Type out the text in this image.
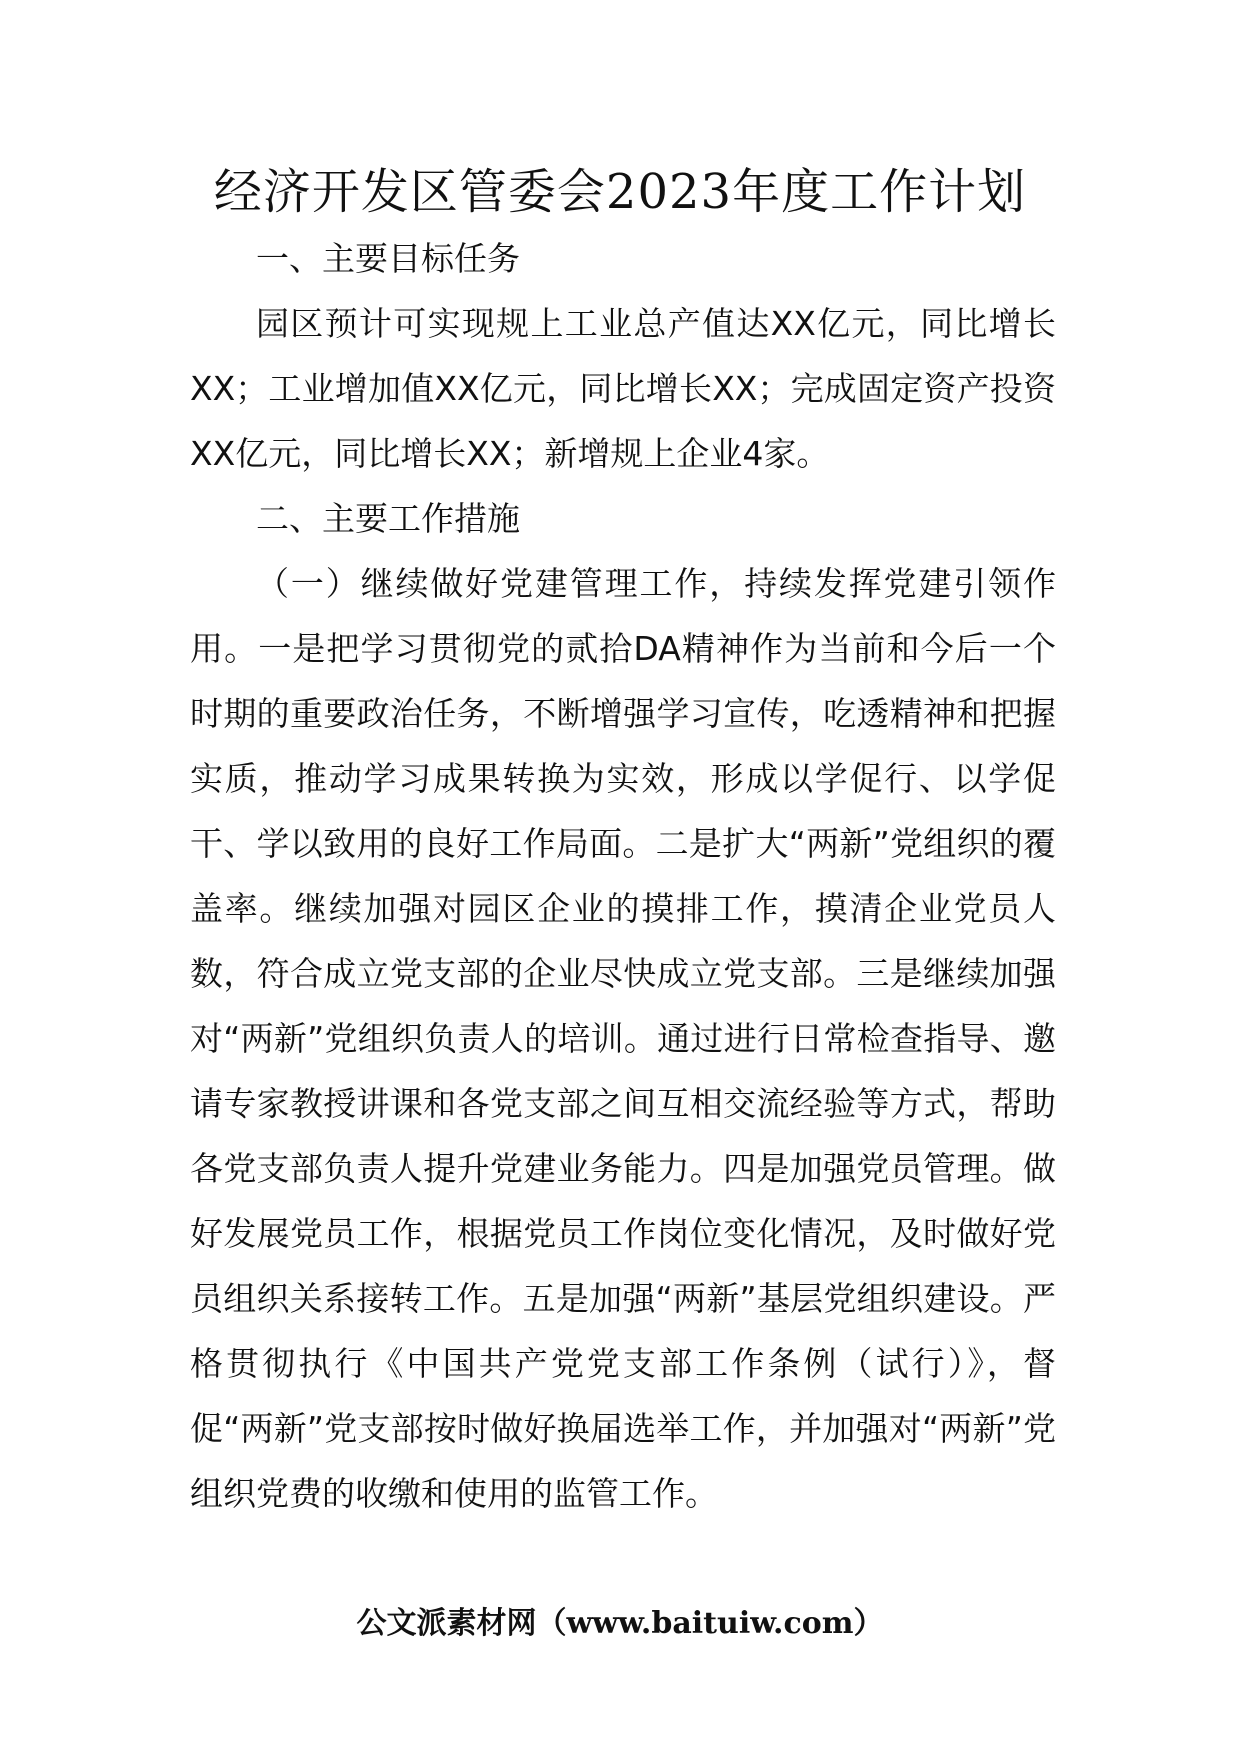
经济开发区管委会2023年度工作计划

一、主要目标任务

园区预计可实现规上工业总产值达XX亿元，同比增长XX；工业增加值XX亿元，同比增长XX；完成固定资产投资XX亿元，同比增长XX；新增规上企业4家。

二、主要工作措施

（一）继续做好党建管理工作，持续发挥党建引领作用。一是把学习贯彻党的贰拾DA精神作为当前和今后一个时期的重要政治任务，不断增强学习宣传，吃透精神和把握实质，推动学习成果转换为实效，形成以学促行、以学促干、学以致用的良好工作局面。二是扩大“两新”党组织的覆盖率。继续加强对园区企业的摸排工作，摸清企业党员人数，符合成立党支部的企业尽快成立党支部。三是继续加强对“两新”党组织负责人的培训。通过进行日常检查指导、邀请专家教授讲课和各党支部之间互相交流经验等方式，帮助各党支部负责人提升党建业务能力。四是加强党员管理。做好发展党员工作，根据党员工作岗位变化情况，及时做好党员组织关系接转工作。五是加强“两新”基层党组织建设。严格贯彻执行《中国共产党党支部工作条例（试行）》，督促“两新”党支部按时做好换届选举工作，并加强对“两新”党组织党费的收缴和使用的监管工作。

公文派素材网（www.baituiw.com）
